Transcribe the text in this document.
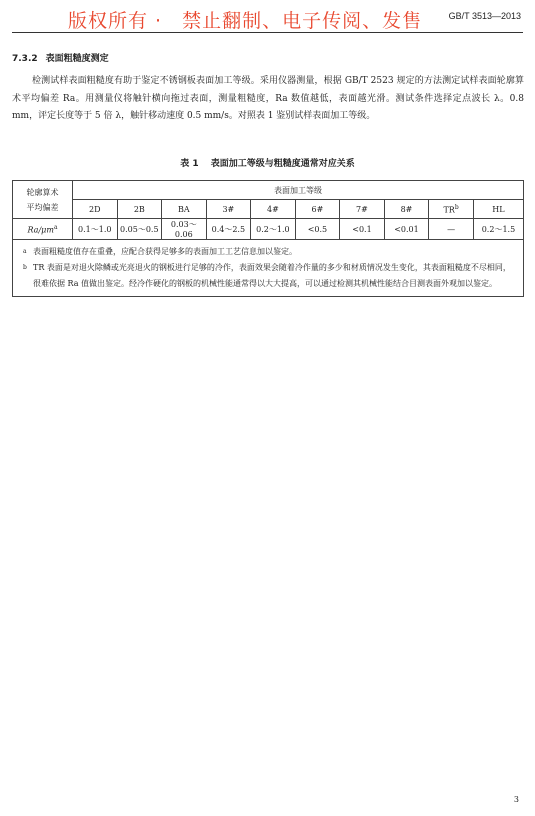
版权所有 ·　禁止翻制、电子传阅、发售	GB/T 3513—2013
7.3.2 表面粗糙度测定
检测试样表面粗糙度有助于鉴定不锈钢板表面加工等级。采用仪器测量，根据 GB/T 2523 规定的方法测定试样表面轮廓算术平均偏差 Ra。用测量仪将触针横向拖过表面，测量粗糙度，Ra 数值越低，表面越光滑。测试条件选择定点波长 λ。0.8 mm，评定长度等于 5 倍 λ，触针移动速度 0.5 mm/s。对照表 1 鉴别试样表面加工等级。
表 1 表面加工等级与粗糙度通常对应关系
轮廓算术
平均偏差	表面加工等级									
	2D	2B	BA	3#	4#	6#	7#	8#	$TR^b$	HL
$Ra/\mu m^a$	0.1～1.0	0.05～0.5	0.03～0.06	0.4～2.5	0.2～1.0	<0.5	<0.1	<0.01	—	0.2～1.5

a 表面粗糙度值存在重叠，应配合获得足够多的表面加工工艺信息加以鉴定。
b TR 表面是对退火除鳞或光亮退火的钢板进行足够的冷作，表面效果会随着冷作量的多少和材质情况发生变化，其表面粗糙度不尽相同，很难依据 Ra 值做出鉴定。经冷作硬化的钢板的机械性能通常得以大大提高，可以通过检测其机械性能结合目测表面外观加以鉴定。										
3
